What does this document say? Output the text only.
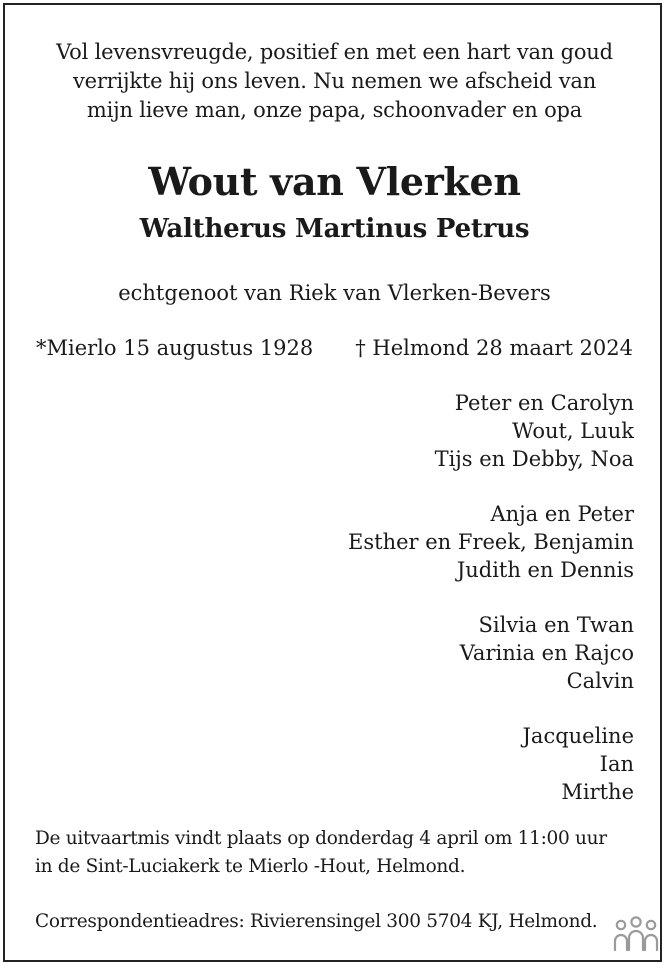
Vol levensvreugde, positief en met een hart van goud
verrijkte hij ons leven. Nu nemen we afscheid van
mijn lieve man, onze papa, schoonvader en opa
Wout van Vlerken
Waltherus Martinus Petrus
echtgenoot van Riek van Vlerken-Bevers
*Mierlo 15 augustus 1928 † Helmond 28 maart 2024
Peter en Carolyn
Wout, Luuk
Tijs en Debby, Noa
Anja en Peter
Esther en Freek, Benjamin
Judith en Dennis
Silvia en Twan
Varinia en Rajco
Calvin
Jacqueline
Ian
Mirthe
De uitvaartmis vindt plaats op donderdag 4 april om 11:00 uur
in de Sint-Luciakerk te Mierlo -Hout, Helmond.
Correspondentieadres: Rivierensingel 300 5704 KJ, Helmond.
